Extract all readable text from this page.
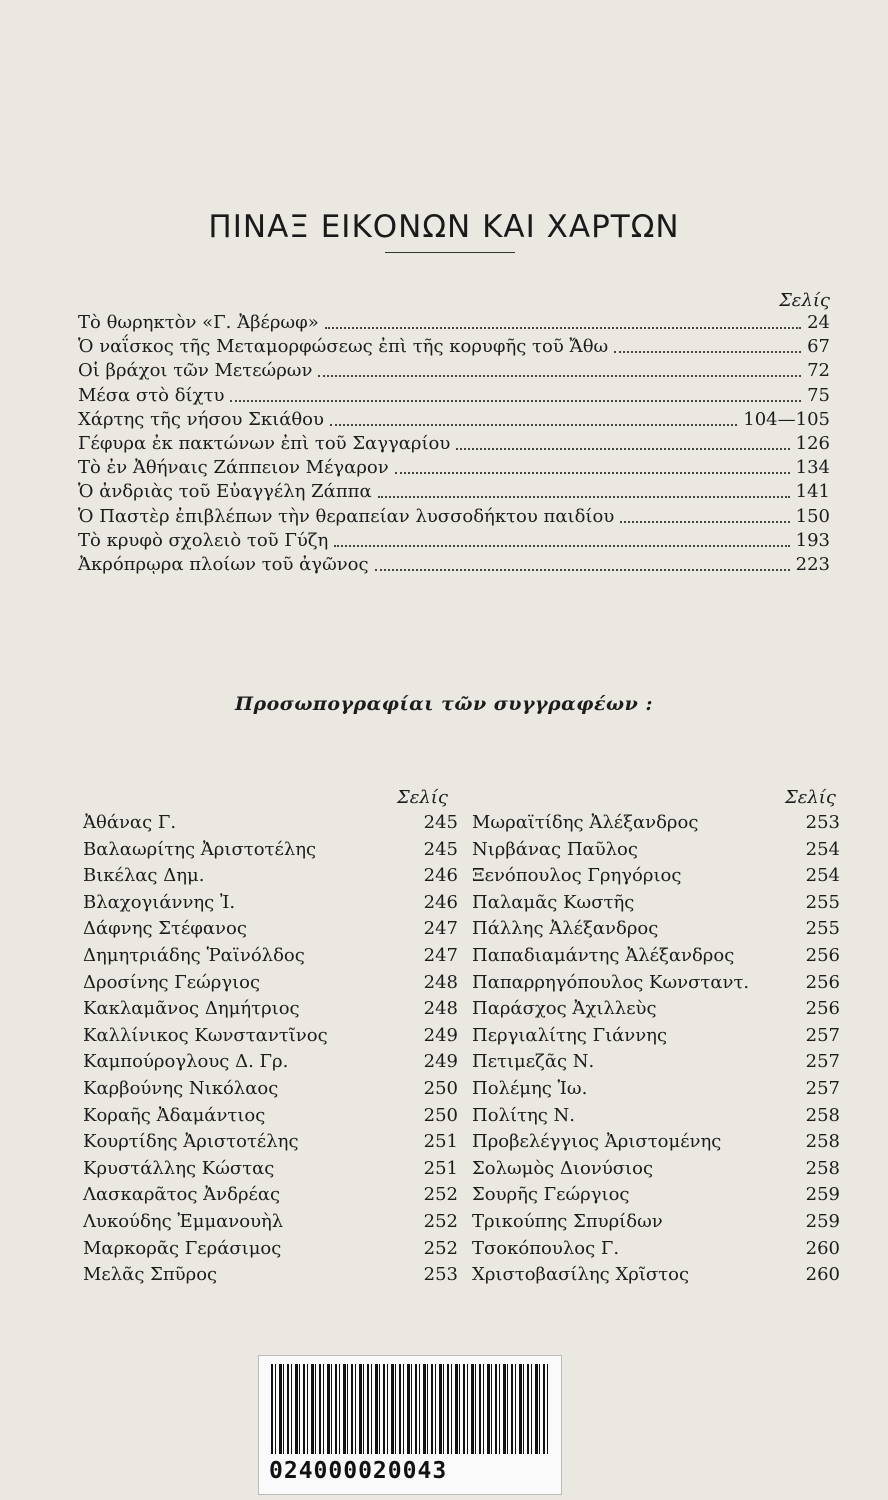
ΠΙΝΑΞ ΕΙΚΟΝΩΝ ΚΑΙ ΧΑΡΤΩΝ
Σελίς
Τὸ θωρηκτὸν «Γ. Ἀβέρωφ»	24
Ὁ ναΐσκος τῆς Μεταμορφώσεως ἐπὶ τῆς κορυφῆς τοῦ Ἄθω	67
Οἱ βράχοι τῶν Μετεώρων	72
Μέσα στὸ δίχτυ	75
Χάρτης τῆς νήσου Σκιάθου	104—105
Γέφυρα ἐκ πακτώνων ἐπὶ τοῦ Σαγγαρίου	126
Τὸ ἐν Ἀθήναις Ζάππειον Μέγαρον	134
Ὁ ἀνδριὰς τοῦ Εὐαγγέλη Ζάππα	141
Ὁ Παστὲρ ἐπιβλέπων τὴν θεραπείαν λυσσοδήκτου παιδίου	150
Τὸ κρυφὸ σχολειὸ τοῦ Γύζη	193
Ἀκρόπρῳρα πλοίων τοῦ ἀγῶνος	223
Προσωπογραφίαι τῶν συγγραφέων :
Σελίς	Σελίς
Ἀθάνας Γ.	245
Βαλαωρίτης Ἀριστοτέλης	245
Βικέλας Δημ.	246
Βλαχογιάννης Ἰ.	246
Δάφνης Στέφανος	247
Δημητριάδης Ῥαϊνόλδος	247
Δροσίνης Γεώργιος	248
Κακλαμᾶνος Δημήτριος	248
Καλλίνικος Κωνσταντῖνος	249
Καμπούρογλους Δ. Γρ.	249
Καρβούνης Νικόλαος	250
Κοραῆς Ἀδαμάντιος	250
Κουρτίδης Ἀριστοτέλης	251
Κρυστάλλης Κώστας	251
Λασκαρᾶτος Ἀνδρέας	252
Λυκούδης Ἐμμανουὴλ	252
Μαρκορᾶς Γεράσιμος	252
Μελᾶς Σπῦρος	253
Μωραϊτίδης Ἀλέξανδρος	253
Νιρβάνας Παῦλος	254
Ξενόπουλος Γρηγόριος	254
Παλαμᾶς Κωστῆς	255
Πάλλης Ἀλέξανδρος	255
Παπαδιαμάντης Ἀλέξανδρος	256
Παπαρρηγόπουλος Κωνσταντ.	256
Παράσχος Ἀχιλλεὺς	256
Περγιαλίτης Γιάννης	257
Πετιμεζᾶς Ν.	257
Πολέμης Ἰω.	257
Πολίτης Ν.	258
Προβελέγγιος Ἀριστομένης	258
Σολωμὸς Διονύσιος	258
Σουρῆς Γεώργιος	259
Τρικούπης Σπυρίδων	259
Τσοκόπουλος Γ.	260
Χριστοβασίλης Χρῖστος	260
024000020043
